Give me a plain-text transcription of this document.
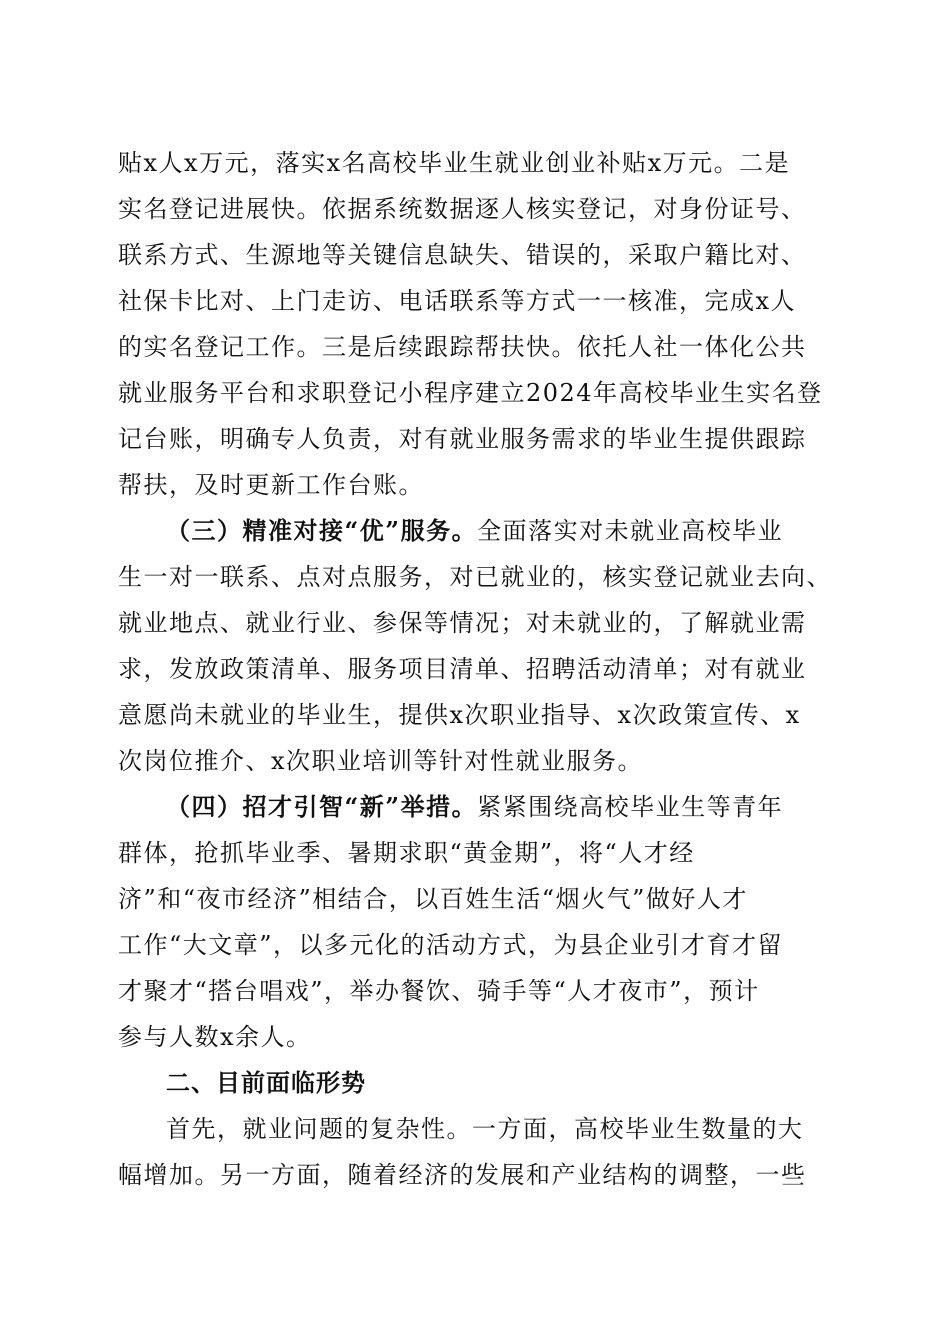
贴x人x万元，落实x名高校毕业生就业创业补贴x万元。二是
实名登记进展快。依据系统数据逐人核实登记，对身份证号、
联系方式、生源地等关键信息缺失、错误的，采取户籍比对、
社保卡比对、上门走访、电话联系等方式一一核准，完成x人
的实名登记工作。三是后续跟踪帮扶快。依托人社一体化公共
就业服务平台和求职登记小程序建立2024年高校毕业生实名登
记台账，明确专人负责，对有就业服务需求的毕业生提供跟踪
帮扶，及时更新工作台账。
（三）精准对接“优”服务。全面落实对未就业高校毕业
生一对一联系、点对点服务，对已就业的，核实登记就业去向、
就业地点、就业行业、参保等情况；对未就业的，了解就业需
求，发放政策清单、服务项目清单、招聘活动清单；对有就业
意愿尚未就业的毕业生，提供x次职业指导、x次政策宣传、x
次岗位推介、x次职业培训等针对性就业服务。
（四）招才引智“新”举措。紧紧围绕高校毕业生等青年
群体，抢抓毕业季、暑期求职“黄金期”，将“人才经
济”和“夜市经济”相结合，以百姓生活“烟火气”做好人才
工作“大文章”，以多元化的活动方式，为县企业引才育才留
才聚才“搭台唱戏”，举办餐饮、骑手等“人才夜市”，预计
参与人数x余人。
二、目前面临形势
首先，就业问题的复杂性。一方面，高校毕业生数量的大
幅增加。另一方面，随着经济的发展和产业结构的调整，一些
